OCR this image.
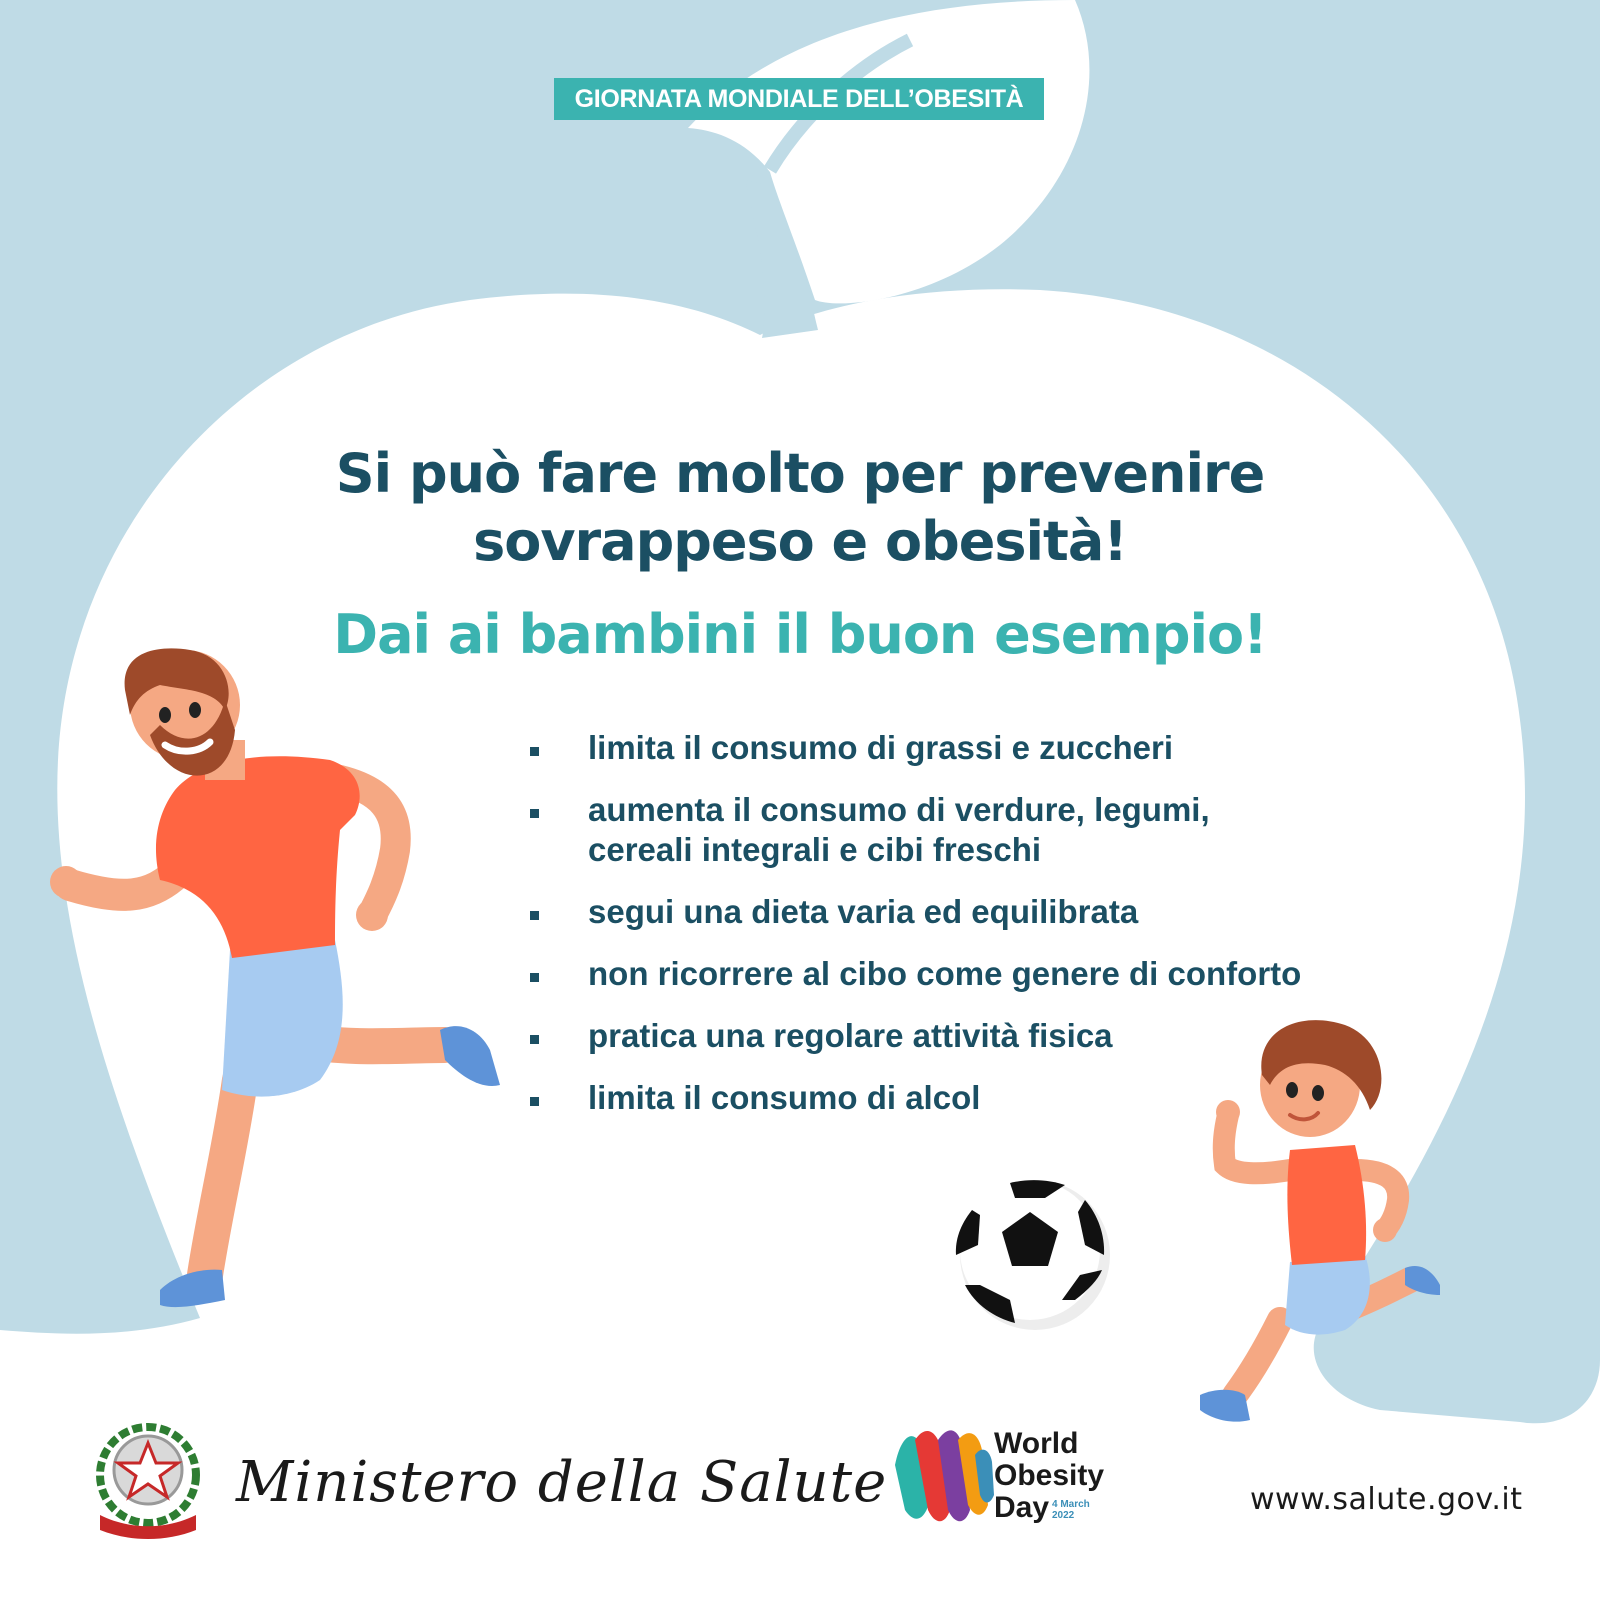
GIORNATA MONDIALE DELL’OBESITÀ
Si può fare molto per prevenire
sovrappeso e obesità!
Dai ai bambini il buon esempio!
limita il consumo di grassi e zuccheri
aumenta il consumo di verdure, legumi,
cereali integrali e cibi freschi
segui una dieta varia ed equilibrata
non ricorrere al cibo come genere di conforto
pratica una regolare attività fisica
limita il consumo di alcol
Ministero della Salute
World
Obesity
Day 4 March
2022	www.salute.gov.it
